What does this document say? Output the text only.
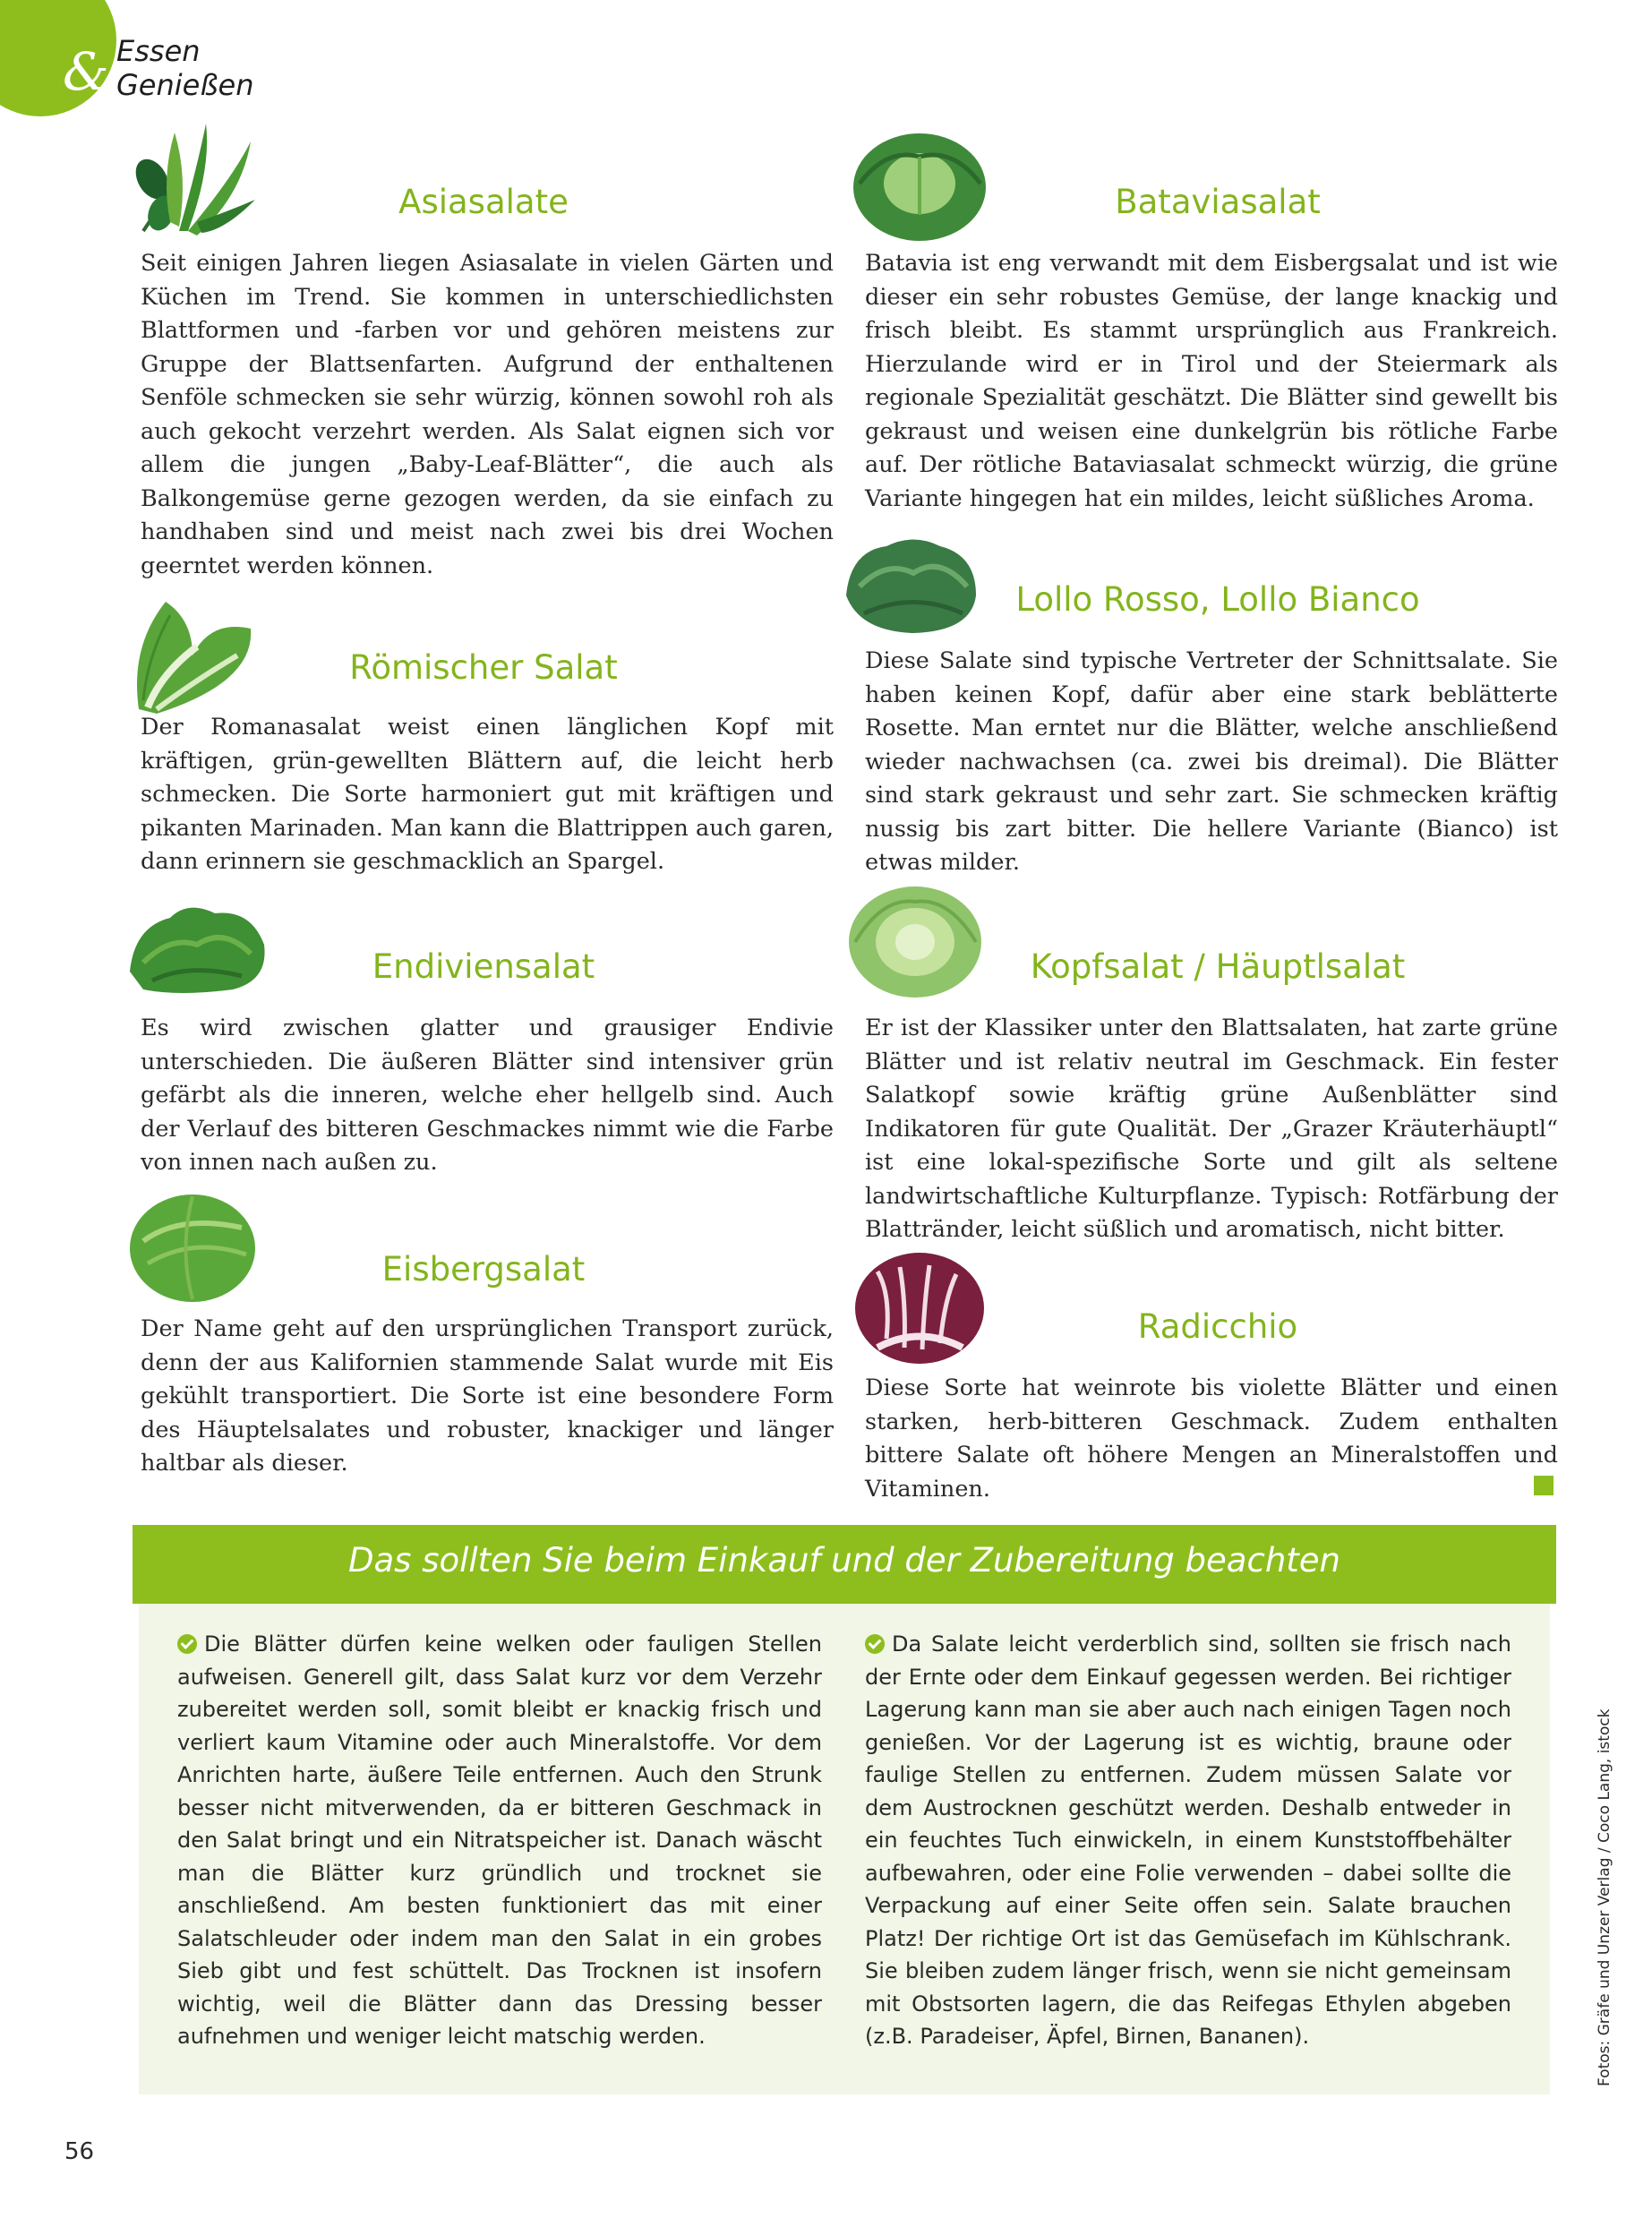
& Essen
Genießen
Asiasalate
Seit einigen Jahren liegen Asiasalate in vielen Gärten und Küchen im Trend. Sie kommen in unterschiedlichsten Blattformen und -farben vor und gehören meistens zur Gruppe der Blattsenfarten. Aufgrund der enthaltenen Senföle schmecken sie sehr würzig, können sowohl roh als auch gekocht verzehrt werden. Als Salat eignen sich vor allem die jungen „Baby-Leaf-Blätter“, die auch als Balkongemüse gerne gezogen werden, da sie einfach zu handhaben sind und meist nach zwei bis drei Wochen geerntet werden können.
Römischer Salat
Der Romanasalat weist einen länglichen Kopf mit kräftigen, grün-gewellten Blättern auf, die leicht herb schmecken. Die Sorte harmoniert gut mit kräftigen und pikanten Marinaden. Man kann die Blattrippen auch garen, dann erinnern sie geschmacklich an Spargel.
Endiviensalat
Es wird zwischen glatter und grausiger Endivie unterschieden. Die äußeren Blätter sind intensiver grün gefärbt als die inneren, welche eher hellgelb sind. Auch der Verlauf des bitteren Geschmackes nimmt wie die Farbe von innen nach außen zu.
Eisbergsalat
Der Name geht auf den ursprünglichen Transport zurück, denn der aus Kalifornien stammende Salat wurde mit Eis gekühlt transportiert. Die Sorte ist eine besondere Form des Häuptelsalates und robuster, knackiger und länger haltbar als dieser.
Bataviasalat
Batavia ist eng verwandt mit dem Eisbergsalat und ist wie dieser ein sehr robustes Gemüse, der lange knackig und frisch bleibt. Es stammt ursprünglich aus Frankreich. Hierzulande wird er in Tirol und der Steiermark als regionale Spezialität geschätzt. Die Blätter sind gewellt bis gekraust und weisen eine dunkelgrün bis rötliche Farbe auf. Der rötliche Bataviasalat schmeckt würzig, die grüne Variante hingegen hat ein mildes, leicht süßliches Aroma.
Lollo Rosso, Lollo Bianco
Diese Salate sind typische Vertreter der Schnittsalate. Sie haben keinen Kopf, dafür aber eine stark beblätterte Rosette. Man erntet nur die Blätter, welche anschließend wieder nachwachsen (ca. zwei bis dreimal). Die Blätter sind stark gekraust und sehr zart. Sie schmecken kräftig nussig bis zart bitter. Die hellere Variante (Bianco) ist etwas milder.
Kopfsalat / Häuptlsalat
Er ist der Klassiker unter den Blattsalaten, hat zarte grüne Blätter und ist relativ neutral im Geschmack. Ein fester Salatkopf sowie kräftig grüne Außenblätter sind Indikatoren für gute Qualität. Der „Grazer Kräuterhäuptl“ ist eine lokal-spezifische Sorte und gilt als seltene landwirtschaftliche Kulturpflanze. Typisch: Rotfärbung der Blattränder, leicht süßlich und aromatisch, nicht bitter.
Radicchio
Diese Sorte hat weinrote bis violette Blätter und einen starken, herb-bitteren Geschmack. Zudem enthalten bittere Salate oft höhere Mengen an Mineralstoffen und Vitaminen.
Das sollten Sie beim Einkauf und der Zubereitung beachten
Die Blätter dürfen keine welken oder fauligen Stellen aufweisen. Generell gilt, dass Salat kurz vor dem Verzehr zubereitet werden soll, somit bleibt er knackig frisch und verliert kaum Vitamine oder auch Mineralstoffe. Vor dem Anrichten harte, äußere Teile entfernen. Auch den Strunk besser nicht mitverwenden, da er bitteren Geschmack in den Salat bringt und ein Nitratspeicher ist. Danach wäscht man die Blätter kurz gründlich und trocknet sie anschließend. Am besten funktioniert das mit einer Salatschleuder oder indem man den Salat in ein grobes Sieb gibt und fest schüttelt. Das Trocknen ist insofern wichtig, weil die Blätter dann das Dressing besser aufnehmen und weniger leicht matschig werden.
Da Salate leicht verderblich sind, sollten sie frisch nach der Ernte oder dem Einkauf gegessen werden. Bei richtiger Lagerung kann man sie aber auch nach einigen Tagen noch genießen. Vor der Lagerung ist es wichtig, braune oder faulige Stellen zu entfernen. Zudem müssen Salate vor dem Austrocknen geschützt werden. Deshalb entweder in ein feuchtes Tuch einwickeln, in einem Kunststoffbehälter aufbewahren, oder eine Folie verwenden – dabei sollte die Verpackung auf einer Seite offen sein. Salate brauchen Platz! Der richtige Ort ist das Gemüsefach im Kühlschrank. Sie bleiben zudem länger frisch, wenn sie nicht gemeinsam mit Obstsorten lagern, die das Reifegas Ethylen abgeben (z.B. Paradeiser, Äpfel, Birnen, Bananen).
56
Fotos: Gräfe und Unzer Verlag / Coco Lang, istock
